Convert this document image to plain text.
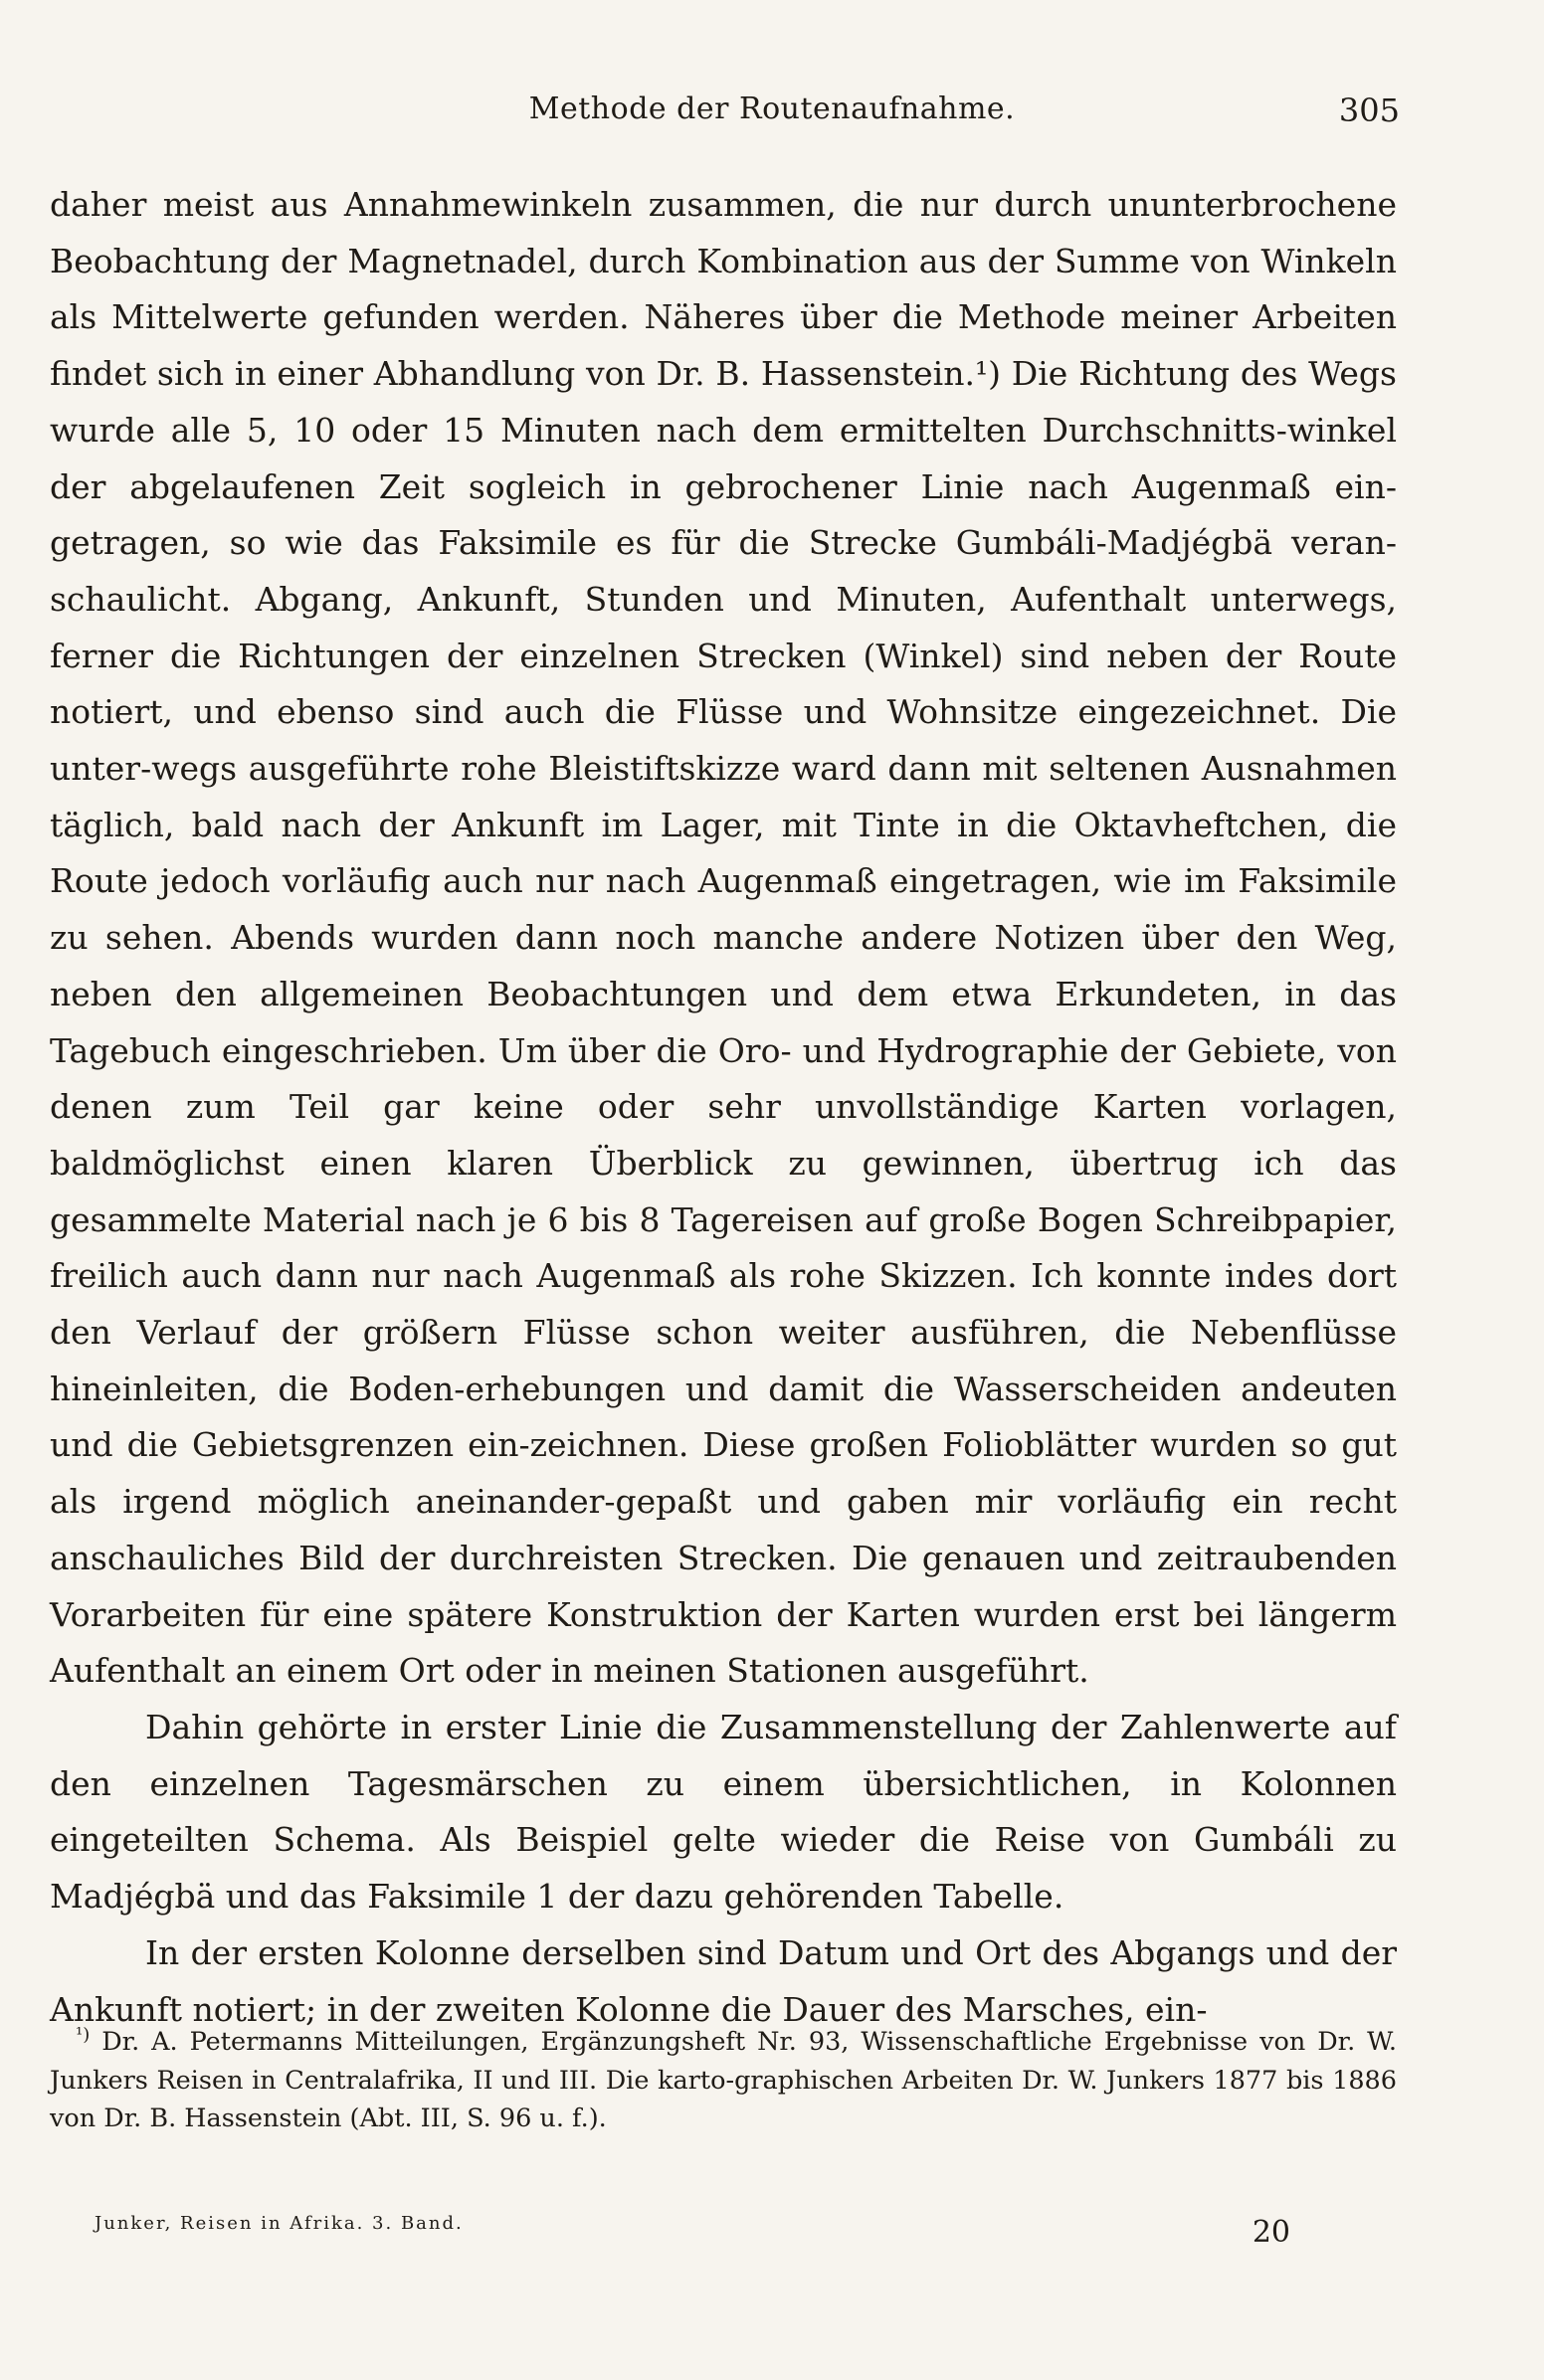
Methode der Routenaufnahme.	305

daher meist aus Annahmewinkeln zusammen, die nur durch ununterbrochene Beobachtung der Magnetnadel, durch Kombination aus der Summe von Winkeln als Mittelwerte gefunden werden. Näheres über die Methode meiner Arbeiten findet sich in einer Abhandlung von Dr. B. Hassenstein.¹) Die Richtung des Wegs wurde alle 5, 10 oder 15 Minuten nach dem ermittelten Durchschnitts-winkel der abgelaufenen Zeit sogleich in gebrochener Linie nach Augenmaß ein-getragen, so wie das Faksimile es für die Strecke Gumbáli-Madjégbä veran-schaulicht. Abgang, Ankunft, Stunden und Minuten, Aufenthalt unterwegs, ferner die Richtungen der einzelnen Strecken (Winkel) sind neben der Route notiert, und ebenso sind auch die Flüsse und Wohnsitze eingezeichnet. Die unter-wegs ausgeführte rohe Bleistiftskizze ward dann mit seltenen Ausnahmen täglich, bald nach der Ankunft im Lager, mit Tinte in die Oktavheftchen, die Route jedoch vorläufig auch nur nach Augenmaß eingetragen, wie im Faksimile zu sehen. Abends wurden dann noch manche andere Notizen über den Weg, neben den allgemeinen Beobachtungen und dem etwa Erkundeten, in das Tagebuch eingeschrieben. Um über die Oro- und Hydrographie der Gebiete, von denen zum Teil gar keine oder sehr unvollständige Karten vorlagen, baldmöglichst einen klaren Überblick zu gewinnen, übertrug ich das gesammelte Material nach je 6 bis 8 Tagereisen auf große Bogen Schreibpapier, freilich auch dann nur nach Augenmaß als rohe Skizzen. Ich konnte indes dort den Verlauf der größern Flüsse schon weiter ausführen, die Nebenflüsse hineinleiten, die Boden-erhebungen und damit die Wasserscheiden andeuten und die Gebietsgrenzen ein-zeichnen. Diese großen Folioblätter wurden so gut als irgend möglich aneinander-gepaßt und gaben mir vorläufig ein recht anschauliches Bild der durchreisten Strecken. Die genauen und zeitraubenden Vorarbeiten für eine spätere Konstruktion der Karten wurden erst bei längerm Aufenthalt an einem Ort oder in meinen Stationen ausgeführt.

Dahin gehörte in erster Linie die Zusammenstellung der Zahlenwerte auf den einzelnen Tagesmärschen zu einem übersichtlichen, in Kolonnen eingeteilten Schema. Als Beispiel gelte wieder die Reise von Gumbáli zu Madjégbä und das Faksimile 1 der dazu gehörenden Tabelle.

In der ersten Kolonne derselben sind Datum und Ort des Abgangs und der Ankunft notiert; in der zweiten Kolonne die Dauer des Marsches, ein-

$^{^1)}$ Dr. A. Petermanns Mitteilungen, Ergänzungsheft Nr. 93, Wissenschaftliche Ergebnisse von Dr. W. Junkers Reisen in Centralafrika, II und III. Die karto-graphischen Arbeiten Dr. W. Junkers 1877 bis 1886 von Dr. B. Hassenstein (Abt. III, S. 96 u. f.).

Junker, Reisen in Afrika. 3. Band.	20
